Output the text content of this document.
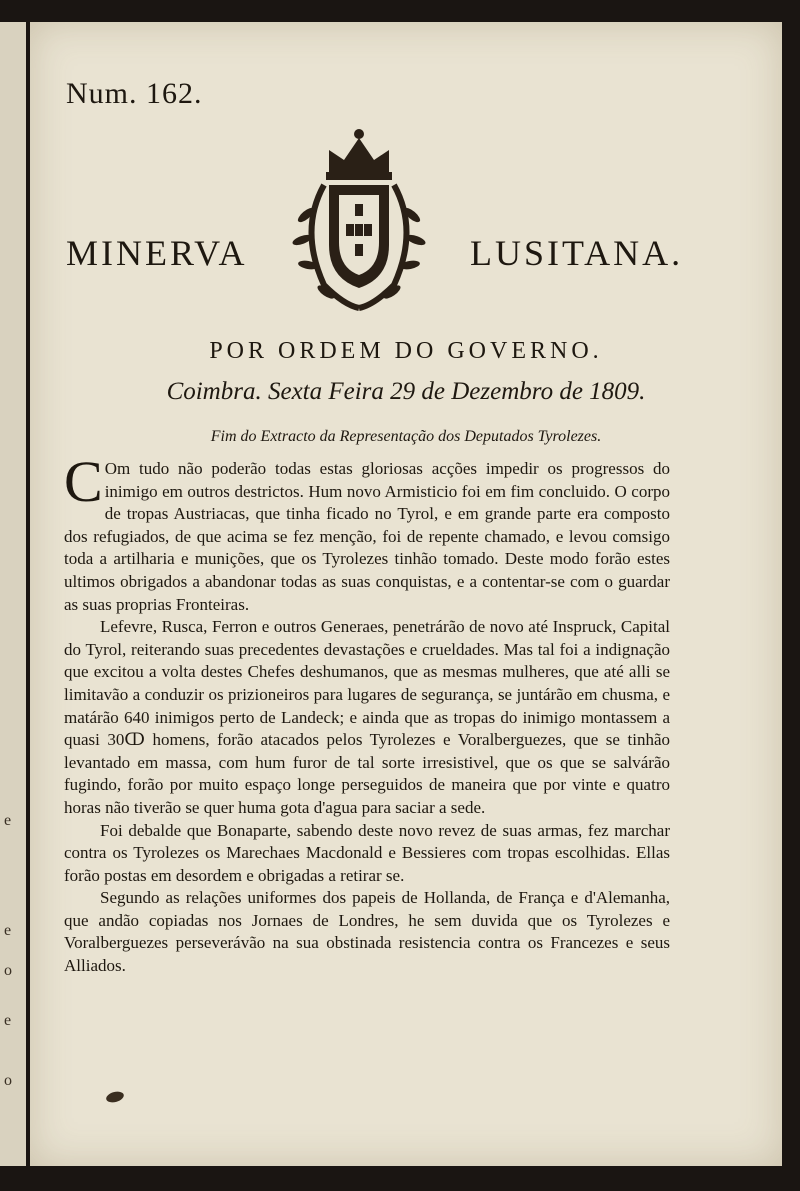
e
e
o
e
o
Num. 162.
MINERVA	LUSITANA.
POR ORDEM DO GOVERNO.
Coimbra. Sexta Feira 29 de Dezembro de 1809.
Fim do Extracto da Representação dos Deputados Tyrolezes.

C Om tudo não poderão todas estas gloriosas acções impedir os progressos do inimigo em outros destrictos. Hum novo Armisticio foi em fim concluido. O corpo de tropas Austriacas, que tinha ficado no Tyrol, e em grande parte era composto dos refugiados, de que acima se fez menção, foi de repente chamado, e levou comsigo toda a artilharia e munições, que os Tyrolezes tinhão tomado. Deste modo forão estes ultimos obrigados a abandonar todas as suas conquistas, e a contentar-se com o guardar as suas proprias Fronteiras.

Lefevre, Rusca, Ferron e outros Generaes, penetrárão de novo até Inspruck, Capital do Tyrol, reiterando suas precedentes devastações e crueldades. Mas tal foi a indignação que excitou a volta destes Chefes deshumanos, que as mesmas mulheres, que até alli se limitavão a conduzir os prizioneiros para lugares de segurança, se juntárão em chusma, e matárão 640 inimigos perto de Landeck; e ainda que as tropas do inimigo montassem a quasi 30ↀ homens, forão atacados pelos Tyrolezes e Voralberguezes, que se tinhão levantado em massa, com hum furor de tal sorte irresistivel, que os que se salvárão fugindo, forão por muito espaço longe perseguidos de maneira que por vinte e quatro horas não tiverão se quer huma gota d'agua para saciar a sede.

Foi debalde que Bonaparte, sabendo deste novo revez de suas armas, fez marchar contra os Tyrolezes os Marechaes Macdonald e Bessieres com tropas escolhidas. Ellas forão postas em desordem e obrigadas a retirar se.

Segundo as relações uniformes dos papeis de Hollanda, de França e d'Alemanha, que andão copiadas nos Jornaes de Londres, he sem duvida que os Tyrolezes e Voralberguezes perseverávão na sua obstinada resistencia contra os Francezes e seus Alliados.
